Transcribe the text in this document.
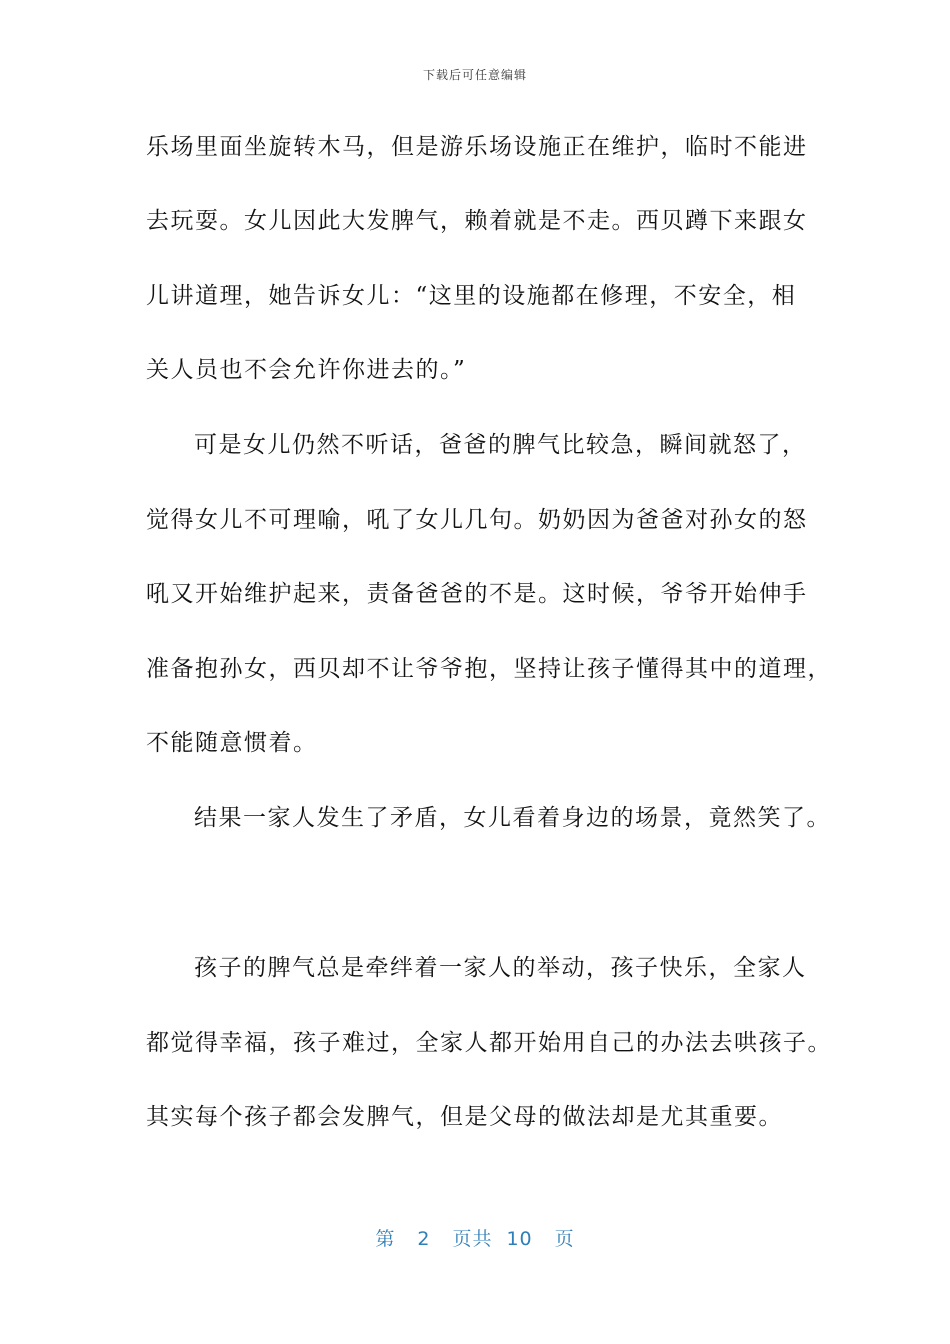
下载后可任意编辑
乐场里面坐旋转木马，但是游乐场设施正在维护，临时不能进
去玩耍。女儿因此大发脾气，赖着就是不走。西贝蹲下来跟女
儿讲道理，她告诉女儿：“这里的设施都在修理，不安全，相
关人员也不会允许你进去的。”
可是女儿仍然不听话，爸爸的脾气比较急，瞬间就怒了，
觉得女儿不可理喻，吼了女儿几句。奶奶因为爸爸对孙女的怒
吼又开始维护起来，责备爸爸的不是。这时候，爷爷开始伸手
准备抱孙女，西贝却不让爷爷抱，坚持让孩子懂得其中的道理，
不能随意惯着。
结果一家人发生了矛盾，女儿看着身边的场景，竟然笑了。
孩子的脾气总是牵绊着一家人的举动，孩子快乐，全家人
都觉得幸福，孩子难过，全家人都开始用自己的办法去哄孩子。
其实每个孩子都会发脾气，但是父母的做法却是尤其重要。
第 2 页共 10 页
